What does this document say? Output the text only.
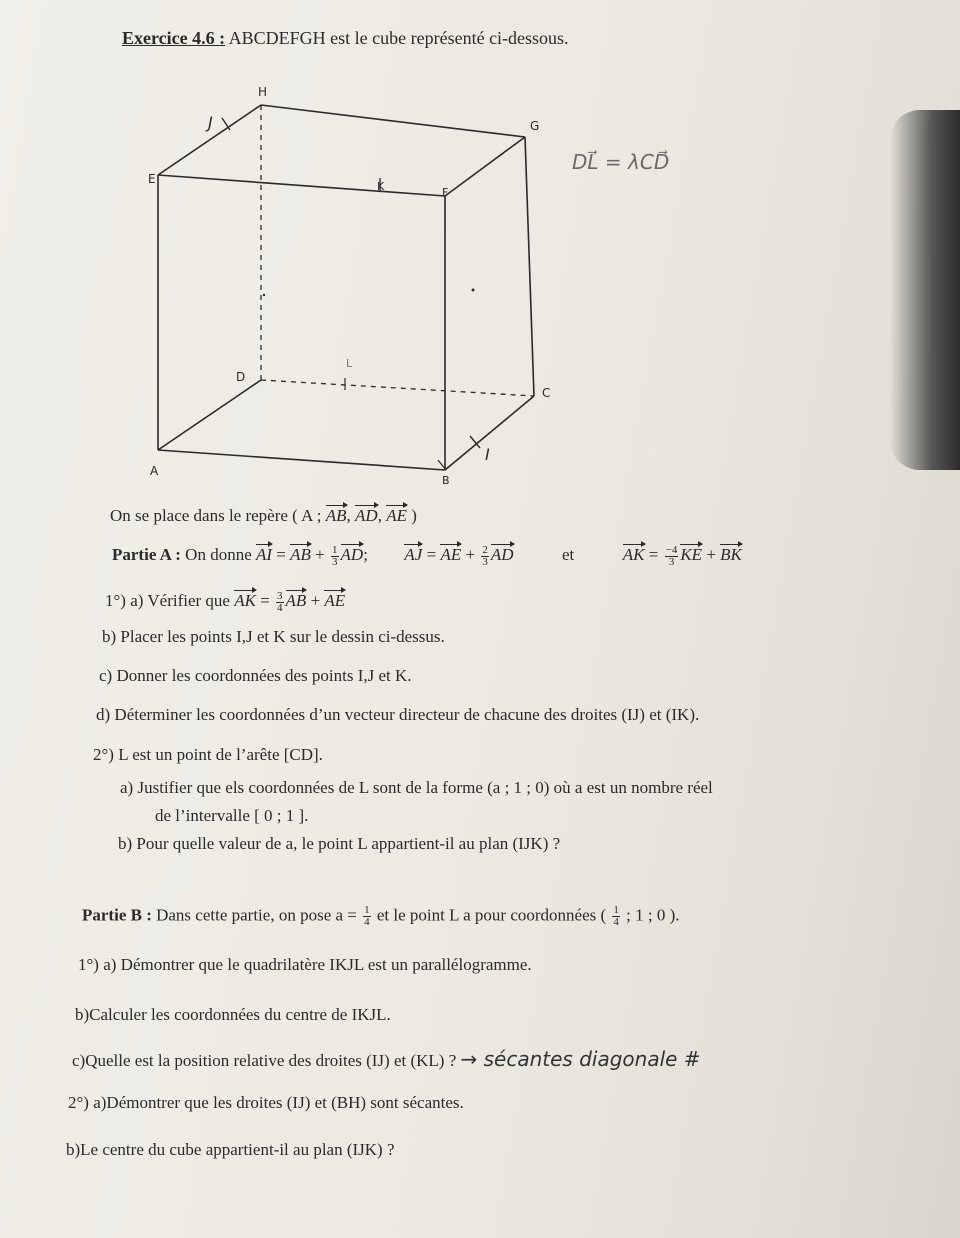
Exercice 4.6 : ABCDEFGH est le cube représenté ci-dessous.
H
J	G
E
K	F
L
D
C
I
A
B
DL⃗ = λCD⃗
On se place dans le repère ( A ; AB, AD, AE )
Partie A : On donne AI = AB + $\frac{1}{3}$ AD;  AJ = AE + $\frac{2}{3}$ AD	et	AK = $\frac{-4}{3}$ KE + BK
1°) a) Vérifier que AK = $\frac{3}{4}$ AB + AE
b) Placer les points I,J et K sur le dessin ci-dessus.
c) Donner les coordonnées des points I,J et K.
d) Déterminer les coordonnées d’un vecteur directeur de chacune des droites (IJ) et (IK).
2°) L est un point de l’arête [CD].
a) Justifier que els coordonnées de L sont de la forme (a ; 1 ; 0) où a est un nombre réel
de l’intervalle [ 0 ; 1 ].
b) Pour quelle valeur de a, le point L appartient-il au plan (IJK) ?
Partie B : Dans cette partie, on pose $a = \frac{1}{4}$ et le point L a pour coordonnées ( $\frac{1}{4}$ ; 1 ; 0 ).
1°) a) Démontrer que le quadrilatère IKJL est un parallélogramme.
b)Calculer les coordonnées du centre de IKJL.
c)Quelle est la position relative des droites (IJ) et (KL) ? → sécantes diagonale #
2°) a)Démontrer que les droites (IJ) et (BH) sont sécantes.
b)Le centre du cube appartient-il au plan (IJK) ?
